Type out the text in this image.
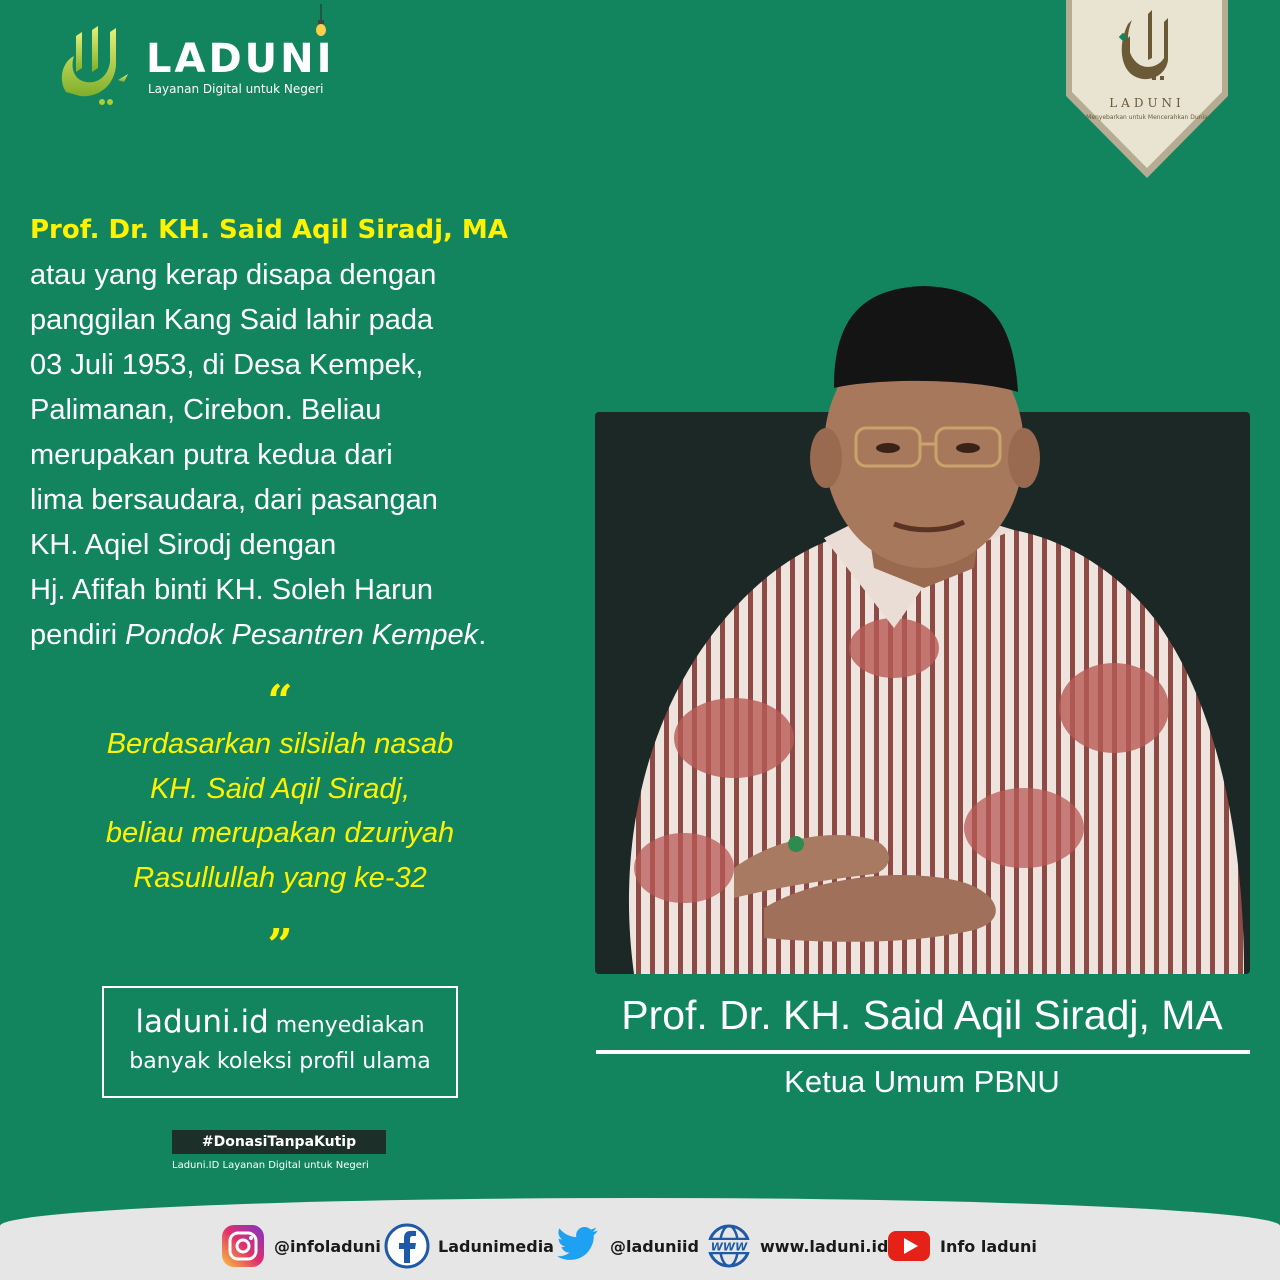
LADUNI
Layanan Digital untuk Negeri
LADUNI
Menyebarkan untuk Mencerahkan Dunia
Prof. Dr. KH. Said Aqil Siradj, MA
atau yang kerap disapa dengan
panggilan Kang Said lahir pada
03 Juli 1953, di Desa Kempek,
Palimanan, Cirebon. Beliau
merupakan putra kedua dari
lima bersaudara, dari pasangan
KH. Aqiel Sirodj dengan
Hj. Afifah binti KH. Soleh Harun
pendiri Pondok Pesantren Kempek.
“
Berdasarkan silsilah nasab
KH. Said Aqil Siradj,
beliau merupakan dzuriyah
Rasullullah yang ke-32
”
laduni.id menyediakan
banyak koleksi profil ulama
#DonasiTanpaKutip
Laduni.ID Layanan Digital untuk Negeri
Prof. Dr. KH. Said Aqil Siradj, MA
Ketua Umum PBNU
@infoladuni	Ladunimedia	@laduniid WWW www.laduni.id	Info laduni
